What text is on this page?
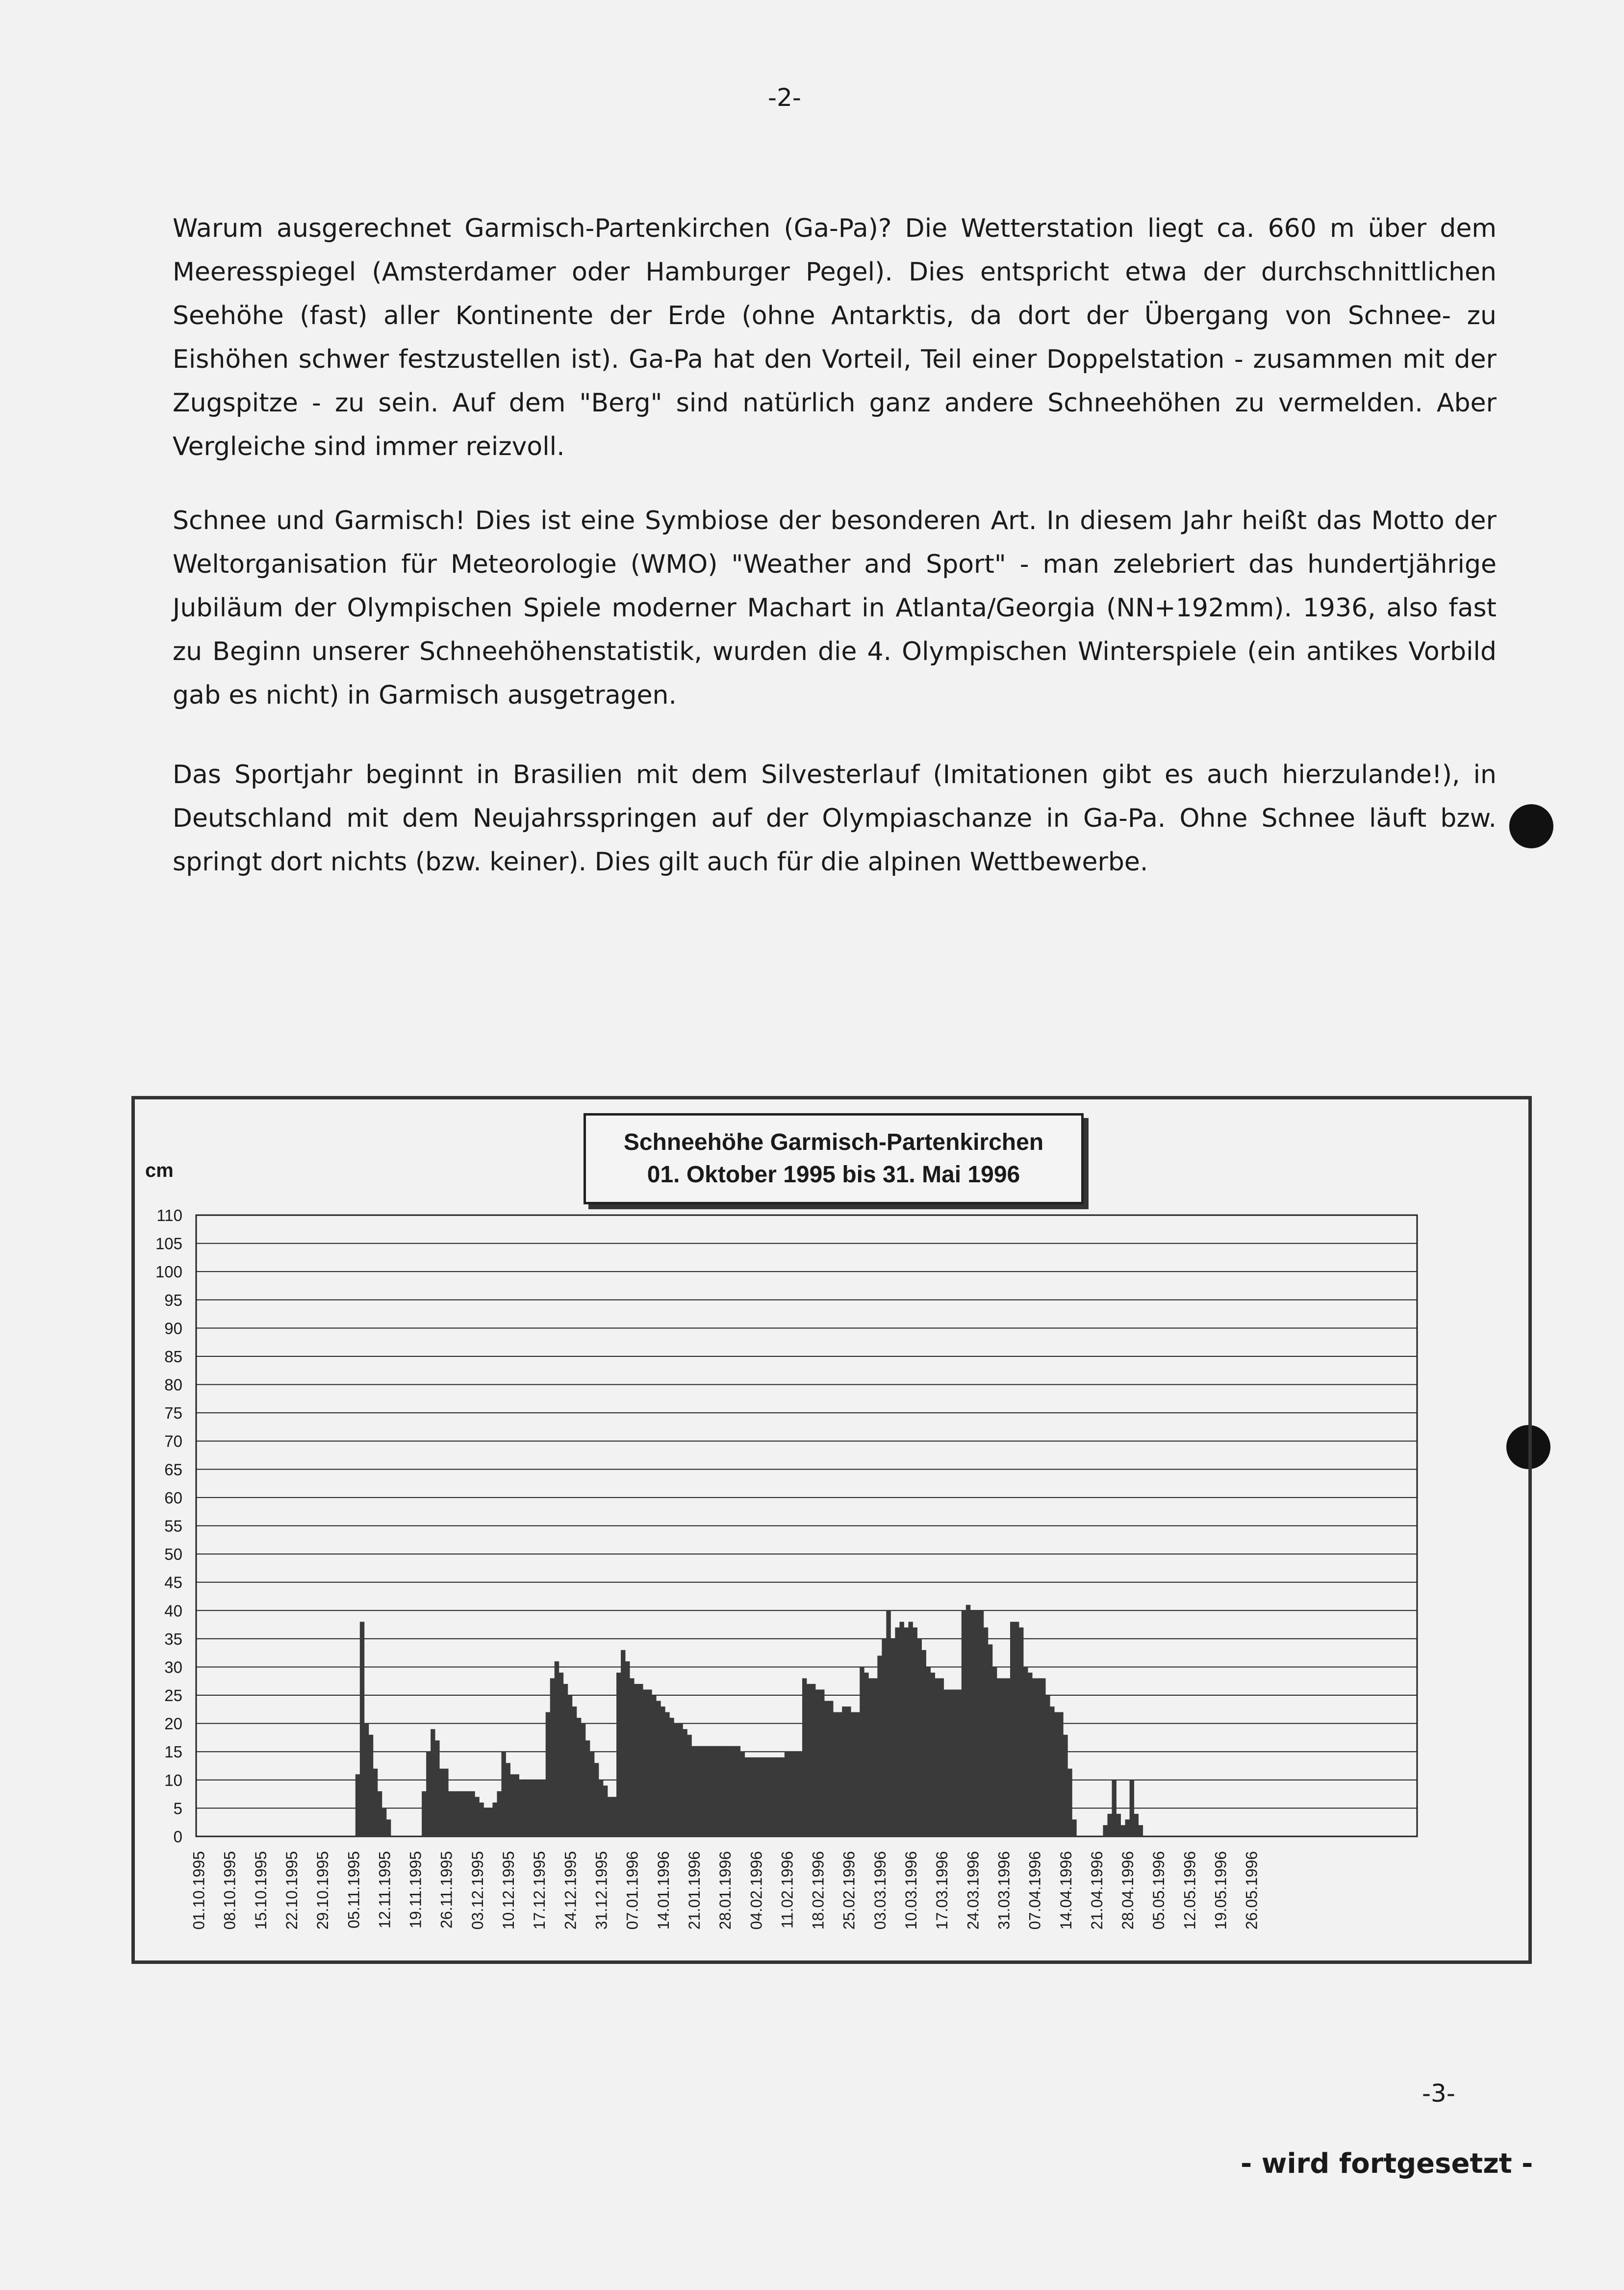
-2-

Warum ausgerechnet Garmisch-Partenkirchen (Ga-Pa)? Die Wetterstation liegt ca. 660 m über dem Meeresspiegel (Amsterdamer oder Hamburger Pegel). Dies entspricht etwa der durchschnittlichen Seehöhe (fast) aller Kontinente der Erde (ohne Antarktis, da dort der Übergang von Schnee- zu Eishöhen schwer festzustellen ist). Ga-Pa hat den Vorteil, Teil einer Doppelstation - zusammen mit der Zugspitze - zu sein. Auf dem "Berg" sind natürlich ganz andere Schneehöhen zu vermelden. Aber Vergleiche sind immer reizvoll.

Schnee und Garmisch! Dies ist eine Symbiose der besonderen Art. In diesem Jahr heißt das Motto der Weltorganisation für Meteorologie (WMO) "Weather and Sport" - man zelebriert das hundertjährige Jubiläum der Olympischen Spiele moderner Machart in Atlanta/Georgia (NN+192mm). 1936, also fast zu Beginn unserer Schneehöhenstatistik, wurden die 4. Olympischen Winterspiele (ein antikes Vorbild gab es nicht) in Garmisch ausgetragen.

Das Sportjahr beginnt in Brasilien mit dem Silvesterlauf (Imitationen gibt es auch hierzulande!), in Deutschland mit dem Neujahrsspringen auf der Olympiaschanze in Ga-Pa. Ohne Schnee läuft bzw. springt dort nichts (bzw. keiner). Dies gilt auch für die alpinen Wettbewerbe.

cm
0
5
10
15
20
25
30
35
40
45
50
55
60
65
70
75
80
85
90
95
100
105
110
01.10.1995 08.10.1995 15.10.1995 22.10.1995 29.10.1995 05.11.1995 12.11.1995 19.11.1995 26.11.1995 03.12.1995 10.12.1995 17.12.1995 24.12.1995 31.12.1995 07.01.1996 14.01.1996 21.01.1996 28.01.1996 04.02.1996 11.02.1996 18.02.1996 25.02.1996 03.03.1996 10.03.1996 17.03.1996 24.03.1996 31.03.1996 07.04.1996 14.04.1996 21.04.1996 28.04.1996 05.05.1996 12.05.1996 19.05.1996 26.05.1996
Schneehöhe Garmisch-Partenkirchen
01. Oktober 1995 bis 31. Mai 1996
-3-
- wird fortgesetzt -
